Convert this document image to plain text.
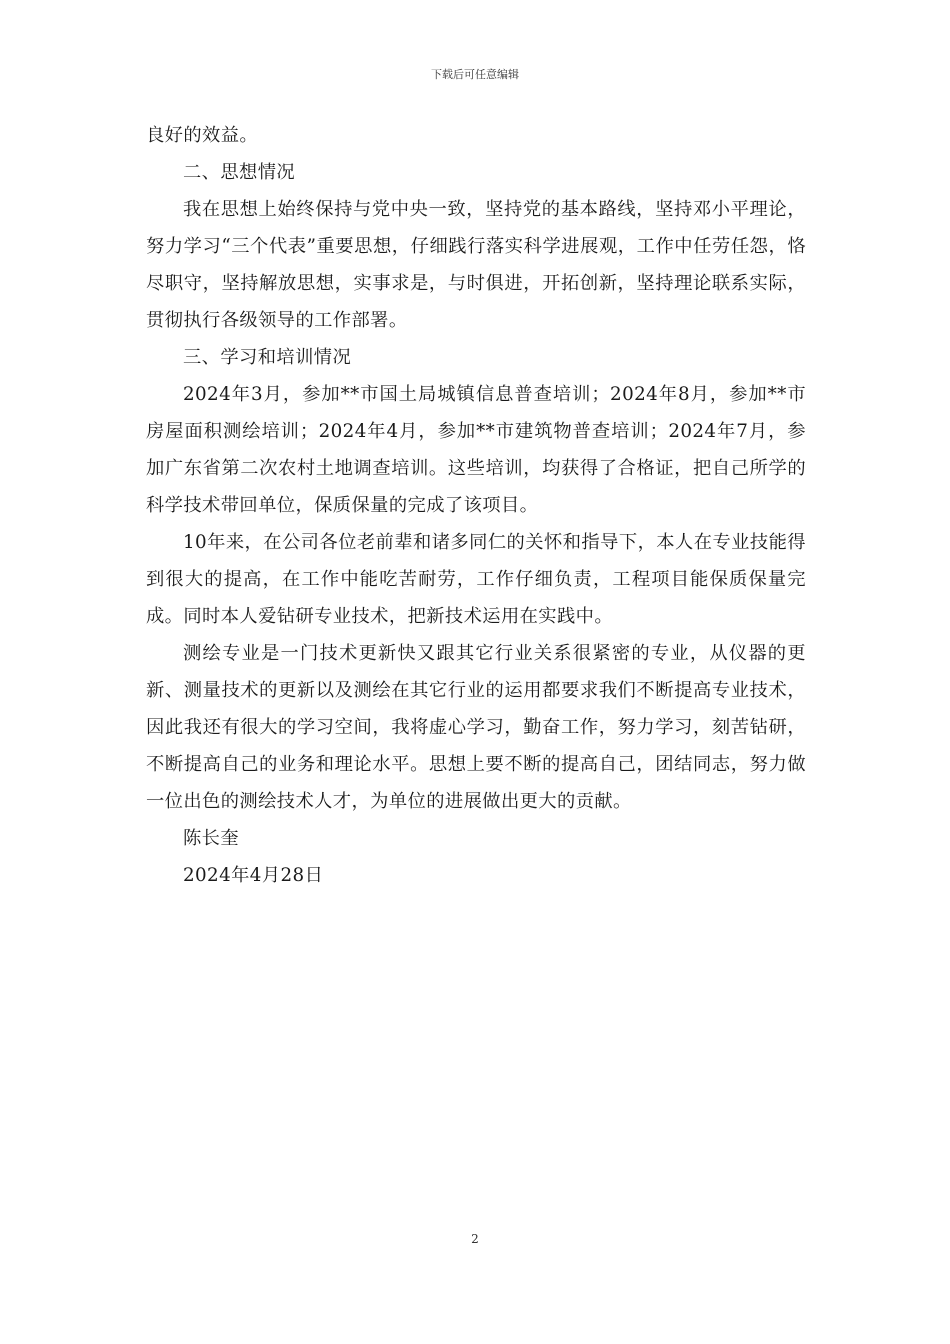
下载后可任意编辑

良好的效益。

二、思想情况

我在思想上始终保持与党中央一致，坚持党的基本路线，坚持邓小平理论，努力学习“三个代表”重要思想，仔细践行落实科学进展观，工作中任劳任怨，恪尽职守，坚持解放思想，实事求是，与时俱进，开拓创新，坚持理论联系实际，贯彻执行各级领导的工作部署。

三、学习和培训情况

2024年3月，参加**市国土局城镇信息普查培训；2024年8月，参加**市房屋面积测绘培训；2024年4月，参加**市建筑物普查培训；2024年7月，参加广东省第二次农村土地调查培训。这些培训，均获得了合格证，把自己所学的科学技术带回单位，保质保量的完成了该项目。

10年来，在公司各位老前辈和诸多同仁的关怀和指导下，本人在专业技能得到很大的提高，在工作中能吃苦耐劳，工作仔细负责，工程项目能保质保量完成。同时本人爱钻研专业技术，把新技术运用在实践中。

测绘专业是一门技术更新快又跟其它行业关系很紧密的专业，从仪器的更新、测量技术的更新以及测绘在其它行业的运用都要求我们不断提高专业技术，因此我还有很大的学习空间，我将虚心学习，勤奋工作，努力学习，刻苦钻研，不断提高自己的业务和理论水平。思想上要不断的提高自己，团结同志，努力做一位出色的测绘技术人才，为单位的进展做出更大的贡献。

陈长奎

2024年4月28日

2
